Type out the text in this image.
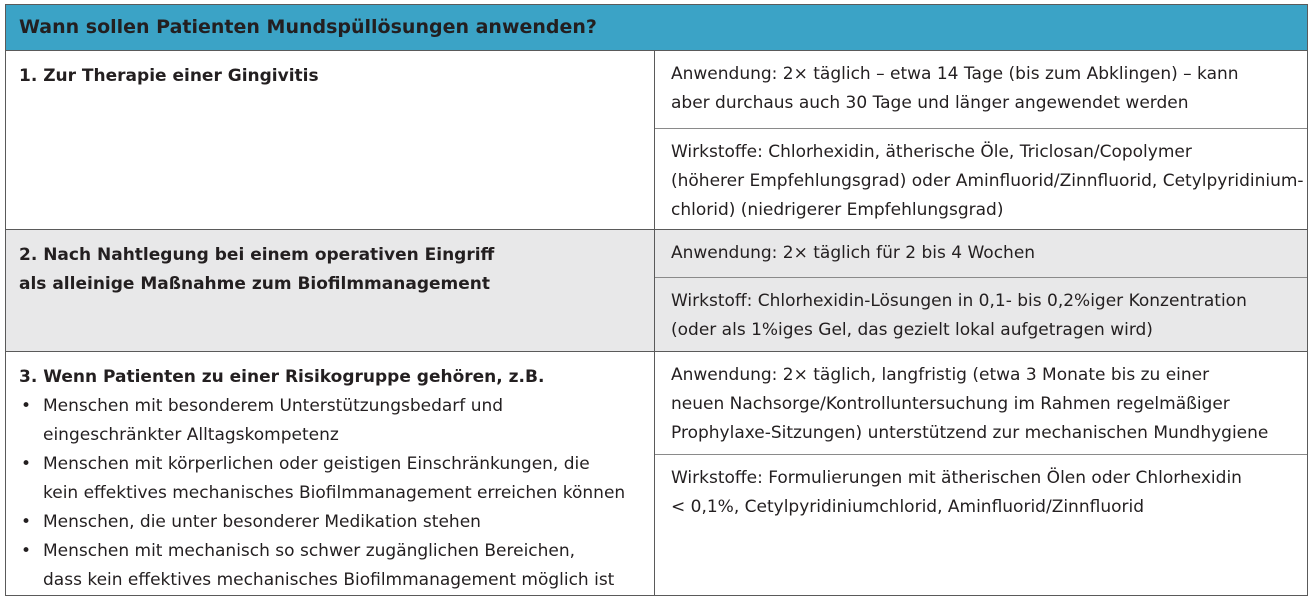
Wann sollen Patienten Mundspüllösungen anwenden?
1. Zur Therapie einer Gingivitis	Anwendung: 2× täglich – etwa 14 Tage (bis zum Abklingen) – kann
aber durchaus auch 30 Tage und länger angewendet werden
Wirkstoffe: Chlorhexidin, ätherische Öle, Triclosan/Copolymer
(höherer Empfehlungsgrad) oder Aminfluorid/Zinnfluorid, Cetylpyridinium-
chlorid) (niedrigerer Empfehlungsgrad)
2. Nach Nahtlegung bei einem operativen Eingriff
als alleinige Maßnahme zum Biofilmmanagement
Anwendung: 2× täglich für 2 bis 4 Wochen
Wirkstoff: Chlorhexidin-Lösungen in 0,1- bis 0,2%iger Konzentration
(oder als 1%iges Gel, das gezielt lokal aufgetragen wird)
3. Wenn Patienten zu einer Risikogruppe gehören, z.B.
• Menschen mit besonderem Unterstützungsbedarf und
eingeschränkter Alltagskompetenz
• Menschen mit körperlichen oder geistigen Einschränkungen, die
kein effektives mechanisches Biofilmmanagement erreichen können
• Menschen, die unter besonderer Medikation stehen
• Menschen mit mechanisch so schwer zugänglichen Bereichen,
dass kein effektives mechanisches Biofilmmanagement möglich ist
Anwendung: 2× täglich, langfristig (etwa 3 Monate bis zu einer
neuen Nachsorge/Kontrolluntersuchung im Rahmen regelmäßiger
Prophylaxe-Sitzungen) unterstützend zur mechanischen Mundhygiene
Wirkstoffe: Formulierungen mit ätherischen Ölen oder Chlorhexidin
< 0,1%, Cetylpyridiniumchlorid, Aminfluorid/Zinnfluorid
